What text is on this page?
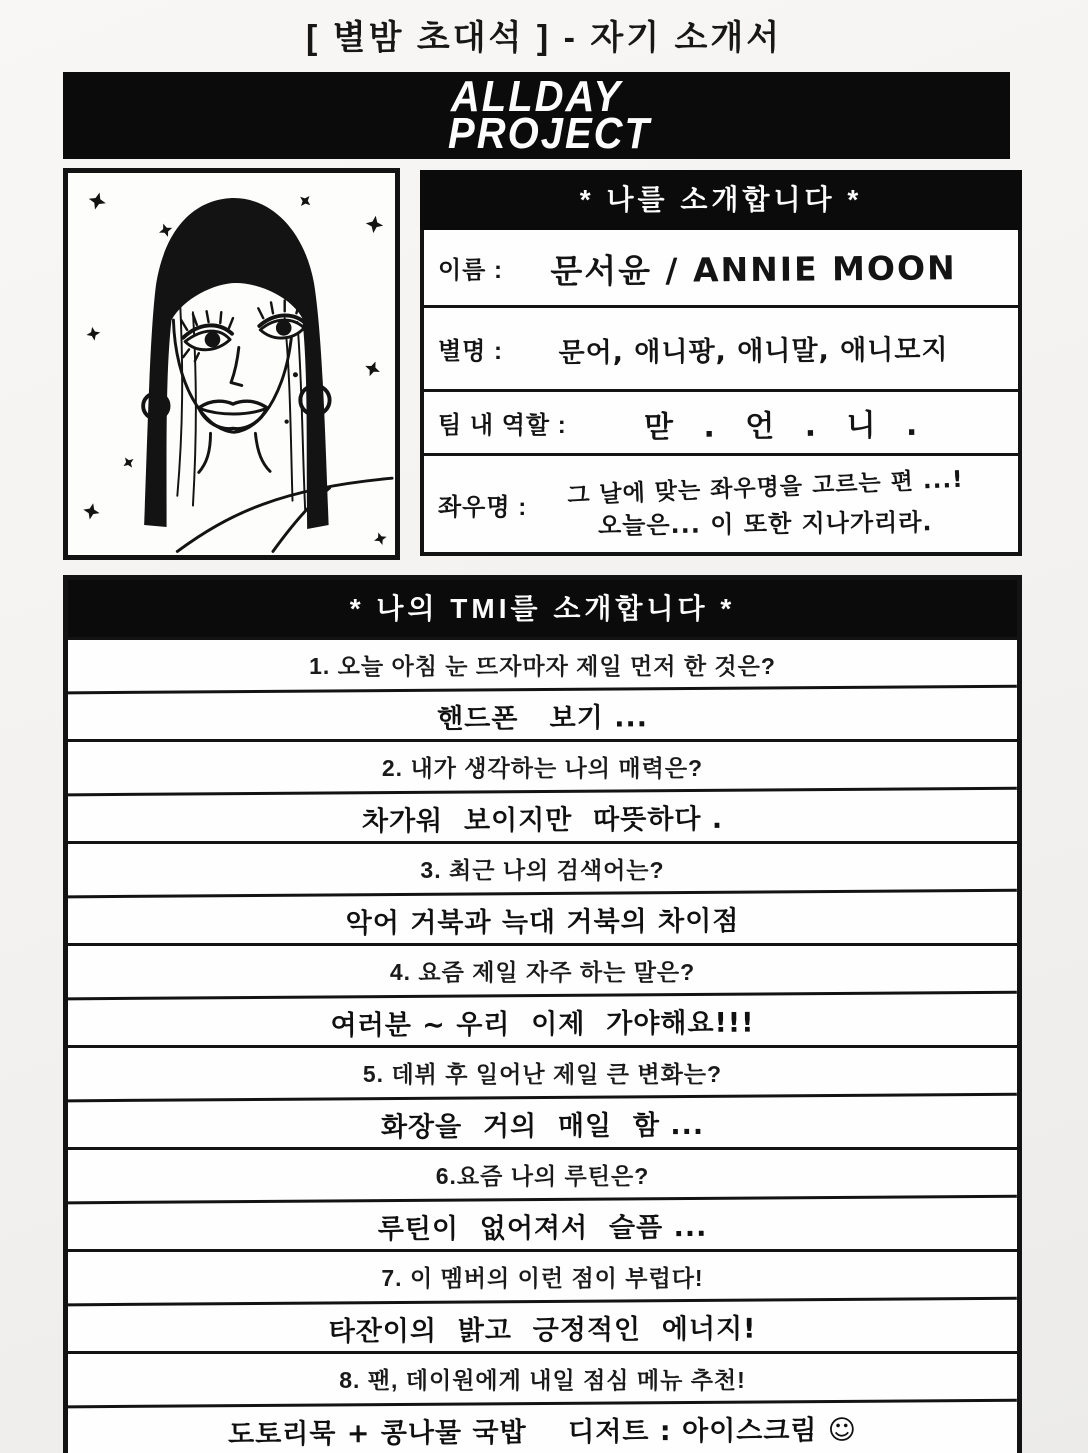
[ 별밤 초대석 ] - 자기 소개서
ALLDAY
PROJECT
* 나를 소개합니다 *
이름 :	문서윤 / ANNIE MOON
별명 :	문어, 애니팡, 애니말, 애니모지
팀 내 역할 :	맏 . 언 . 니 .
좌우명 : 그 날에 맞는 좌우명을 고르는 편 ...!
오늘은... 이 또한 지나가리라.
* 나의 TMI를 소개합니다 *
1. 오늘 아침 눈 뜨자마자 제일 먼저 한 것은?
핸드폰   보기 ...
2. 내가 생각하는 나의 매력은?
차가워  보이지만  따뜻하다 .
3. 최근 나의 검색어는?
악어 거북과 늑대 거북의 차이점
4. 요즘 제일 자주 하는 말은?
여러분 ~ 우리  이제  가야해요!!!
5. 데뷔 후 일어난 제일 큰 변화는?
화장을  거의  매일  함 ...
6.요즘 나의 루틴은?
루틴이  없어져서  슬픔 ...
7. 이 멤버의 이런 점이 부럽다!
타잔이의  밝고  긍정적인  에너지!
8. 팬, 데이원에게 내일 점심 메뉴 추천!
도토리묵 + 콩나물 국밥    디저트 : 아이스크림 ☺
